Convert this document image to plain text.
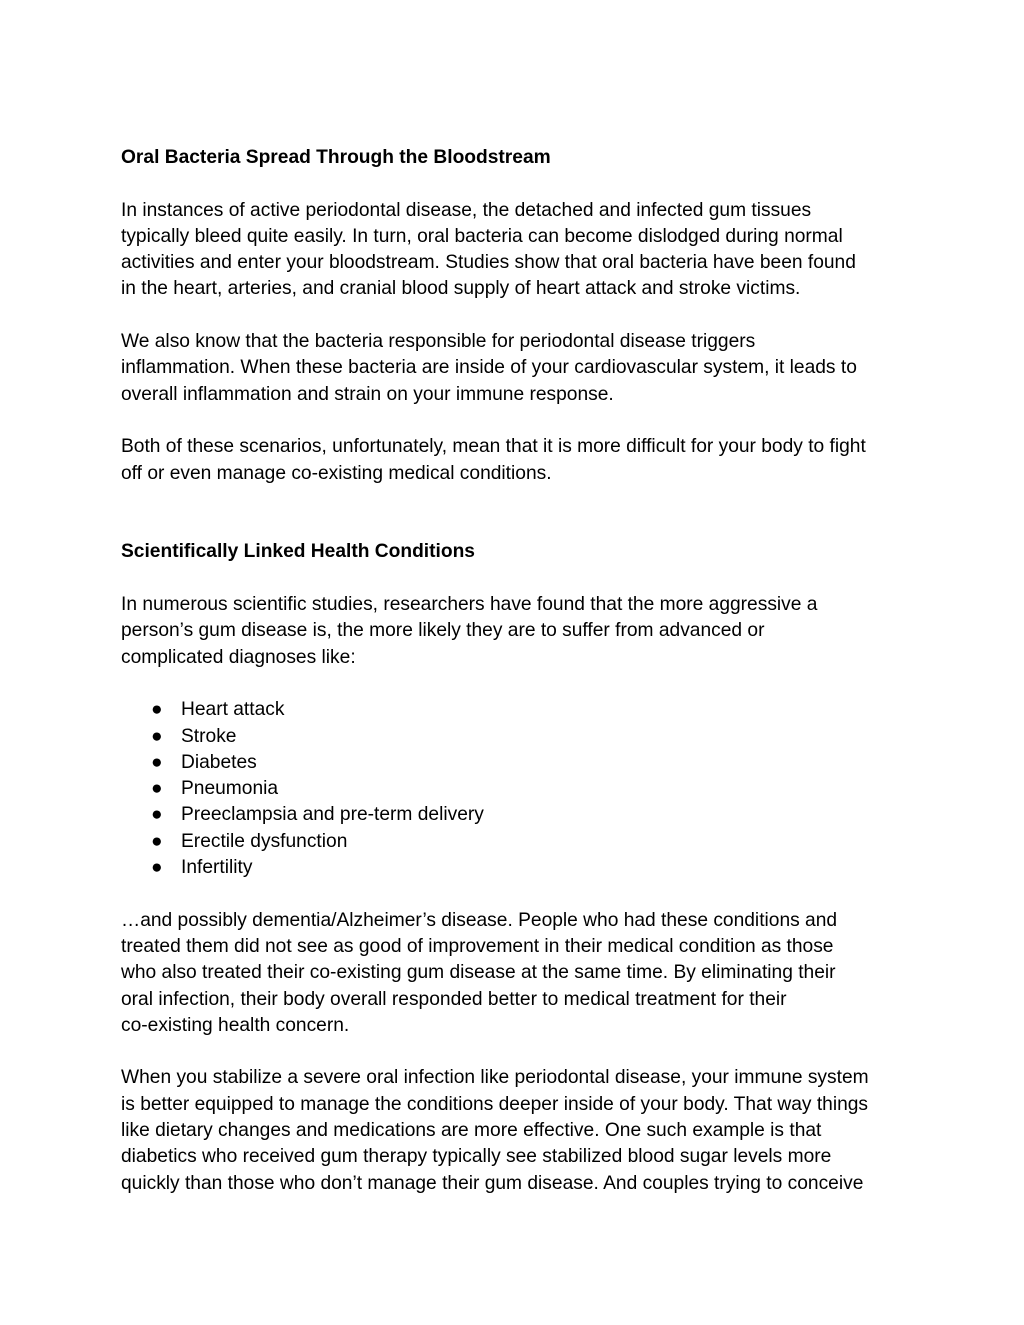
Oral Bacteria Spread Through the Bloodstream

In instances of active periodontal disease, the detached and infected gum tissues
typically bleed quite easily. In turn, oral bacteria can become dislodged during normal
activities and enter your bloodstream. Studies show that oral bacteria have been found
in the heart, arteries, and cranial blood supply of heart attack and stroke victims.

We also know that the bacteria responsible for periodontal disease triggers
inflammation. When these bacteria are inside of your cardiovascular system, it leads to
overall inflammation and strain on your immune response.

Both of these scenarios, unfortunately, mean that it is more difficult for your body to fight
off or even manage co-existing medical conditions.

Scientifically Linked Health Conditions

In numerous scientific studies, researchers have found that the more aggressive a
person’s gum disease is, the more likely they are to suffer from advanced or
complicated diagnoses like:

● Heart attack
● Stroke
● Diabetes
● Pneumonia
● Preeclampsia and pre-term delivery
● Erectile dysfunction
● Infertility

…and possibly dementia/Alzheimer’s disease. People who had these conditions and
treated them did not see as good of improvement in their medical condition as those
who also treated their co-existing gum disease at the same time. By eliminating their
oral infection, their body overall responded better to medical treatment for their
co-existing health concern.

When you stabilize a severe oral infection like periodontal disease, your immune system
is better equipped to manage the conditions deeper inside of your body. That way things
like dietary changes and medications are more effective. One such example is that
diabetics who received gum therapy typically see stabilized blood sugar levels more
quickly than those who don’t manage their gum disease. And couples trying to conceive
